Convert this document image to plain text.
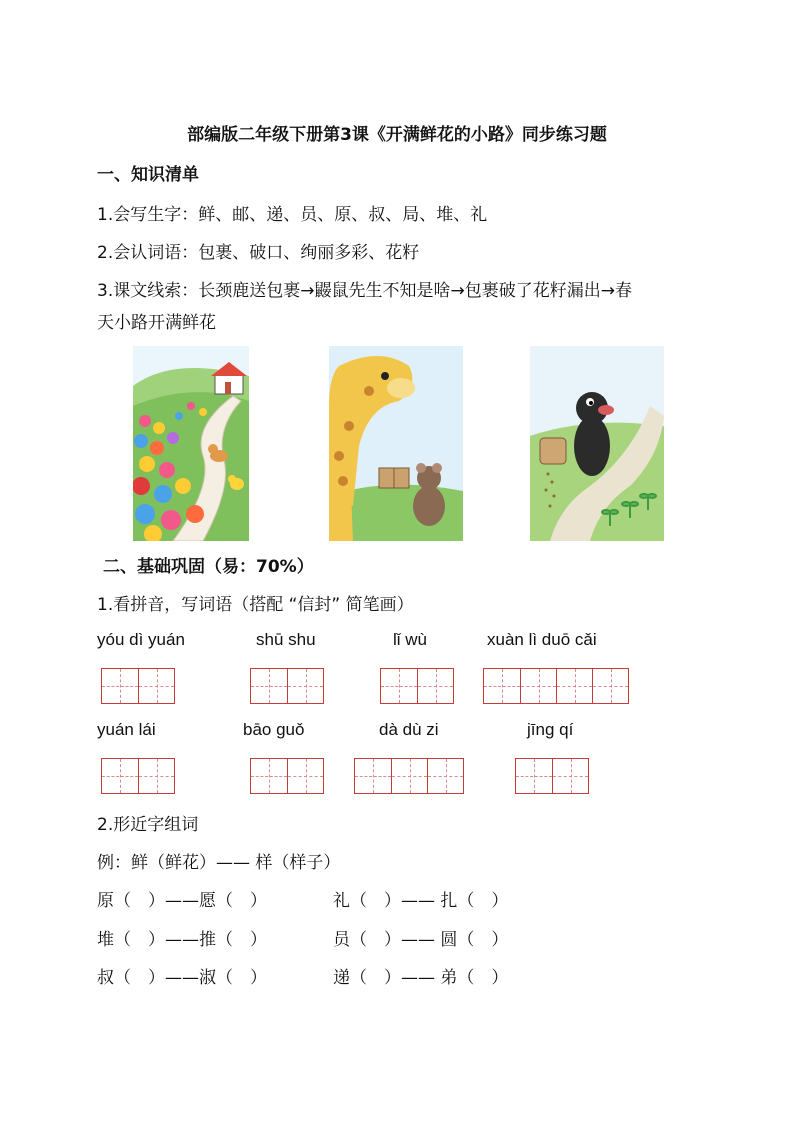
部编版二年级下册第3课《开满鲜花的小路》同步练习题
一、知识清单
1.会写生字：鲜、邮、递、员、原、叔、局、堆、礼
2.会认词语：包裹、破口、绚丽多彩、花籽
3.课文线索：长颈鹿送包裹→鼹鼠先生不知是啥→包裹破了花籽漏出→春
天小路开满鲜花
二、基础巩固（易：70%）
1.看拼音，写词语（搭配 “信封” 简笔画）
yóu dì yuán	shū shu	lǐ wù	xuàn lì duō cǎi
yuán lái	bāo guǒ	dà dù zi	jīng qí
2.形近字组词
例：鲜（鲜花）—— 样（样子）
原（　）——愿（　）	礼（　）—— 扎（　）
堆（　）——推（　）	员（　）—— 圆（　）
叔（　）——淑（　）	递（　）—— 弟（　）
